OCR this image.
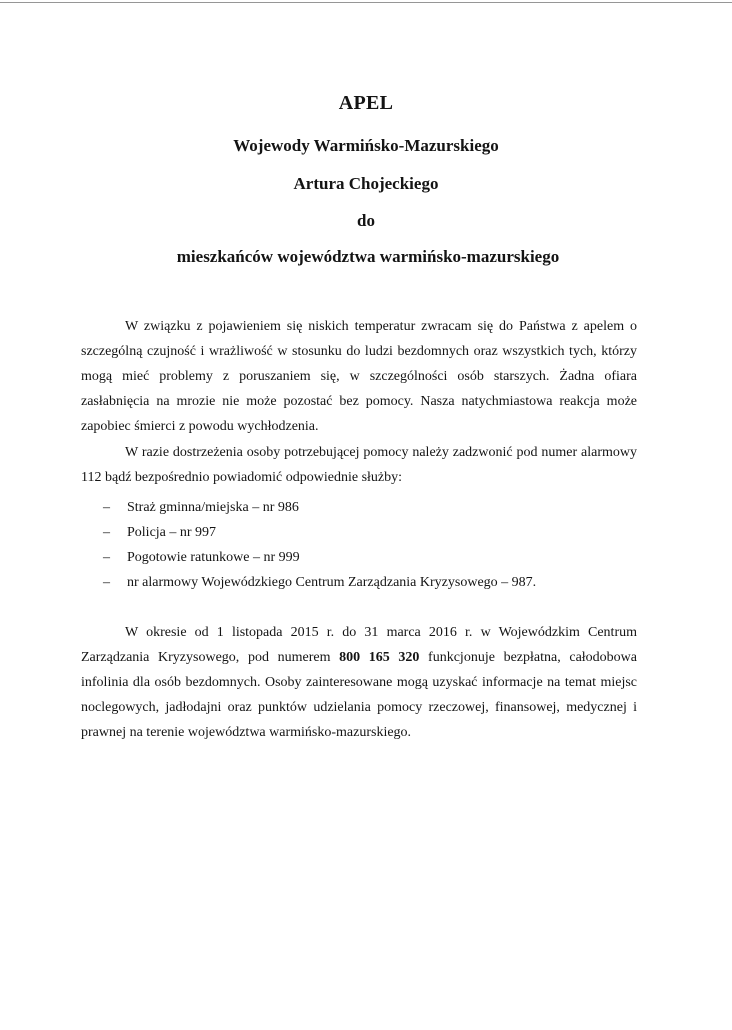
APEL
Wojewody Warmińsko-Mazurskiego
Artura Chojeckiego
do
mieszkańców województwa warmińsko-mazurskiego

W związku z pojawieniem się niskich temperatur zwracam się do Państwa z apelem o szczególną czujność i wrażliwość w stosunku do ludzi bezdomnych oraz wszystkich tych, którzy mogą mieć problemy z poruszaniem się, w szczególności osób starszych. Żadna ofiara zasłabnięcia na mrozie nie może pozostać bez pomocy. Nasza natychmiastowa reakcja może zapobiec śmierci z powodu wychłodzenia.

W razie dostrzeżenia osoby potrzebującej pomocy należy zadzwonić pod numer alarmowy 112 bądź bezpośrednio powiadomić odpowiednie służby:

– Straż gminna/miejska – nr 986
– Policja – nr 997
– Pogotowie ratunkowe – nr 999
– nr alarmowy Wojewódzkiego Centrum Zarządzania Kryzysowego – 987.

W okresie od 1 listopada 2015 r. do 31 marca 2016 r. w Wojewódzkim Centrum Zarządzania Kryzysowego, pod numerem 800 165 320 funkcjonuje bezpłatna, całodobowa infolinia dla osób bezdomnych. Osoby zainteresowane mogą uzyskać informacje na temat miejsc noclegowych, jadłodajni oraz punktów udzielania pomocy rzeczowej, finansowej, medycznej i prawnej na terenie województwa warmińsko-mazurskiego.
